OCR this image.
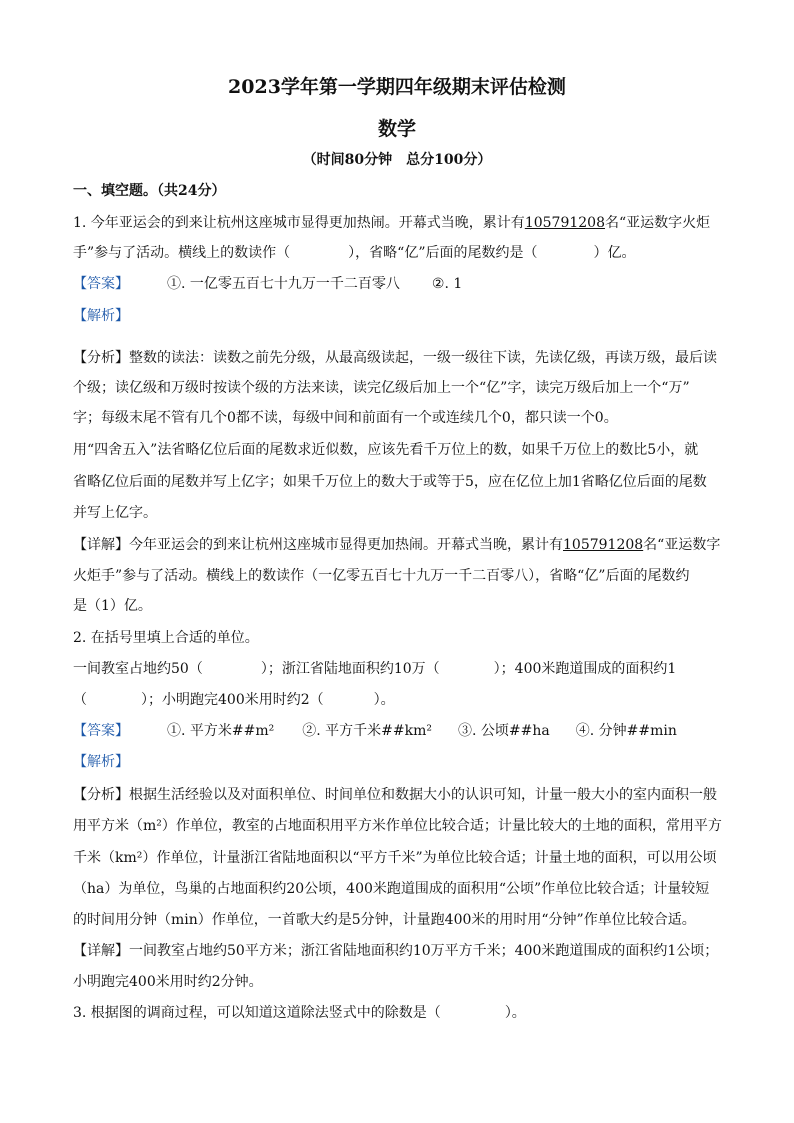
2023学年第一学期四年级期末评估检测
数学
（时间80分钟　总分100分）
一、填空题。（共24分）
1. 今年亚运会的到来让杭州这座城市显得更加热闹。开幕式当晚，累计有105791208名“亚运数字火炬
手”参与了活动。横线上的数读作（	），省略“亿”后面的尾数约是（	）亿。
【答案】	①. 一亿零五百七十九万一千二百零八 ②. 1
【解析】
【分析】整数的读法：读数之前先分级，从最高级读起，一级一级往下读，先读亿级，再读万级，最后读
个级；读亿级和万级时按读个级的方法来读，读完亿级后加上一个“亿”字，读完万级后加上一个“万”
字；每级末尾不管有几个0都不读，每级中间和前面有一个或连续几个0，都只读一个0。
用“四舍五入”法省略亿位后面的尾数求近似数，应该先看千万位上的数，如果千万位上的数比5小，就
省略亿位后面的尾数并写上亿字；如果千万位上的数大于或等于5，应在亿位上加1省略亿位后面的尾数
并写上亿字。
【详解】今年亚运会的到来让杭州这座城市显得更加热闹。开幕式当晚，累计有105791208名“亚运数字
火炬手”参与了活动。横线上的数读作（一亿零五百七十九万一千二百零八），省略“亿”后面的尾数约
是（1）亿。
2. 在括号里填上合适的单位。
一间教室占地约50（	）；浙江省陆地面积约10万（	）；400米跑道围成的面积约1
（	）；小明跑完400米用时约2（	）。
【答案】	①. 平方米##m² ②. 平方千米##km² ③. 公顷##ha ④. 分钟##min
【解析】
【分析】根据生活经验以及对面积单位、时间单位和数据大小的认识可知，计量一般大小的室内面积一般
用平方米（m²）作单位，教室的占地面积用平方米作单位比较合适；计量比较大的土地的面积，常用平方
千米（km²）作单位，计量浙江省陆地面积以“平方千米”为单位比较合适；计量土地的面积，可以用公顷
（ha）为单位，鸟巢的占地面积约20公顷，400米跑道围成的面积用“公顷”作单位比较合适；计量较短
的时间用分钟（min）作单位，一首歌大约是5分钟，计量跑400米的用时用“分钟”作单位比较合适。
【详解】一间教室占地约50平方米；浙江省陆地面积约10万平方千米；400米跑道围成的面积约1公顷；
小明跑完400米用时约2分钟。
3. 根据图的调商过程，可以知道这道除法竖式中的除数是（	）。
